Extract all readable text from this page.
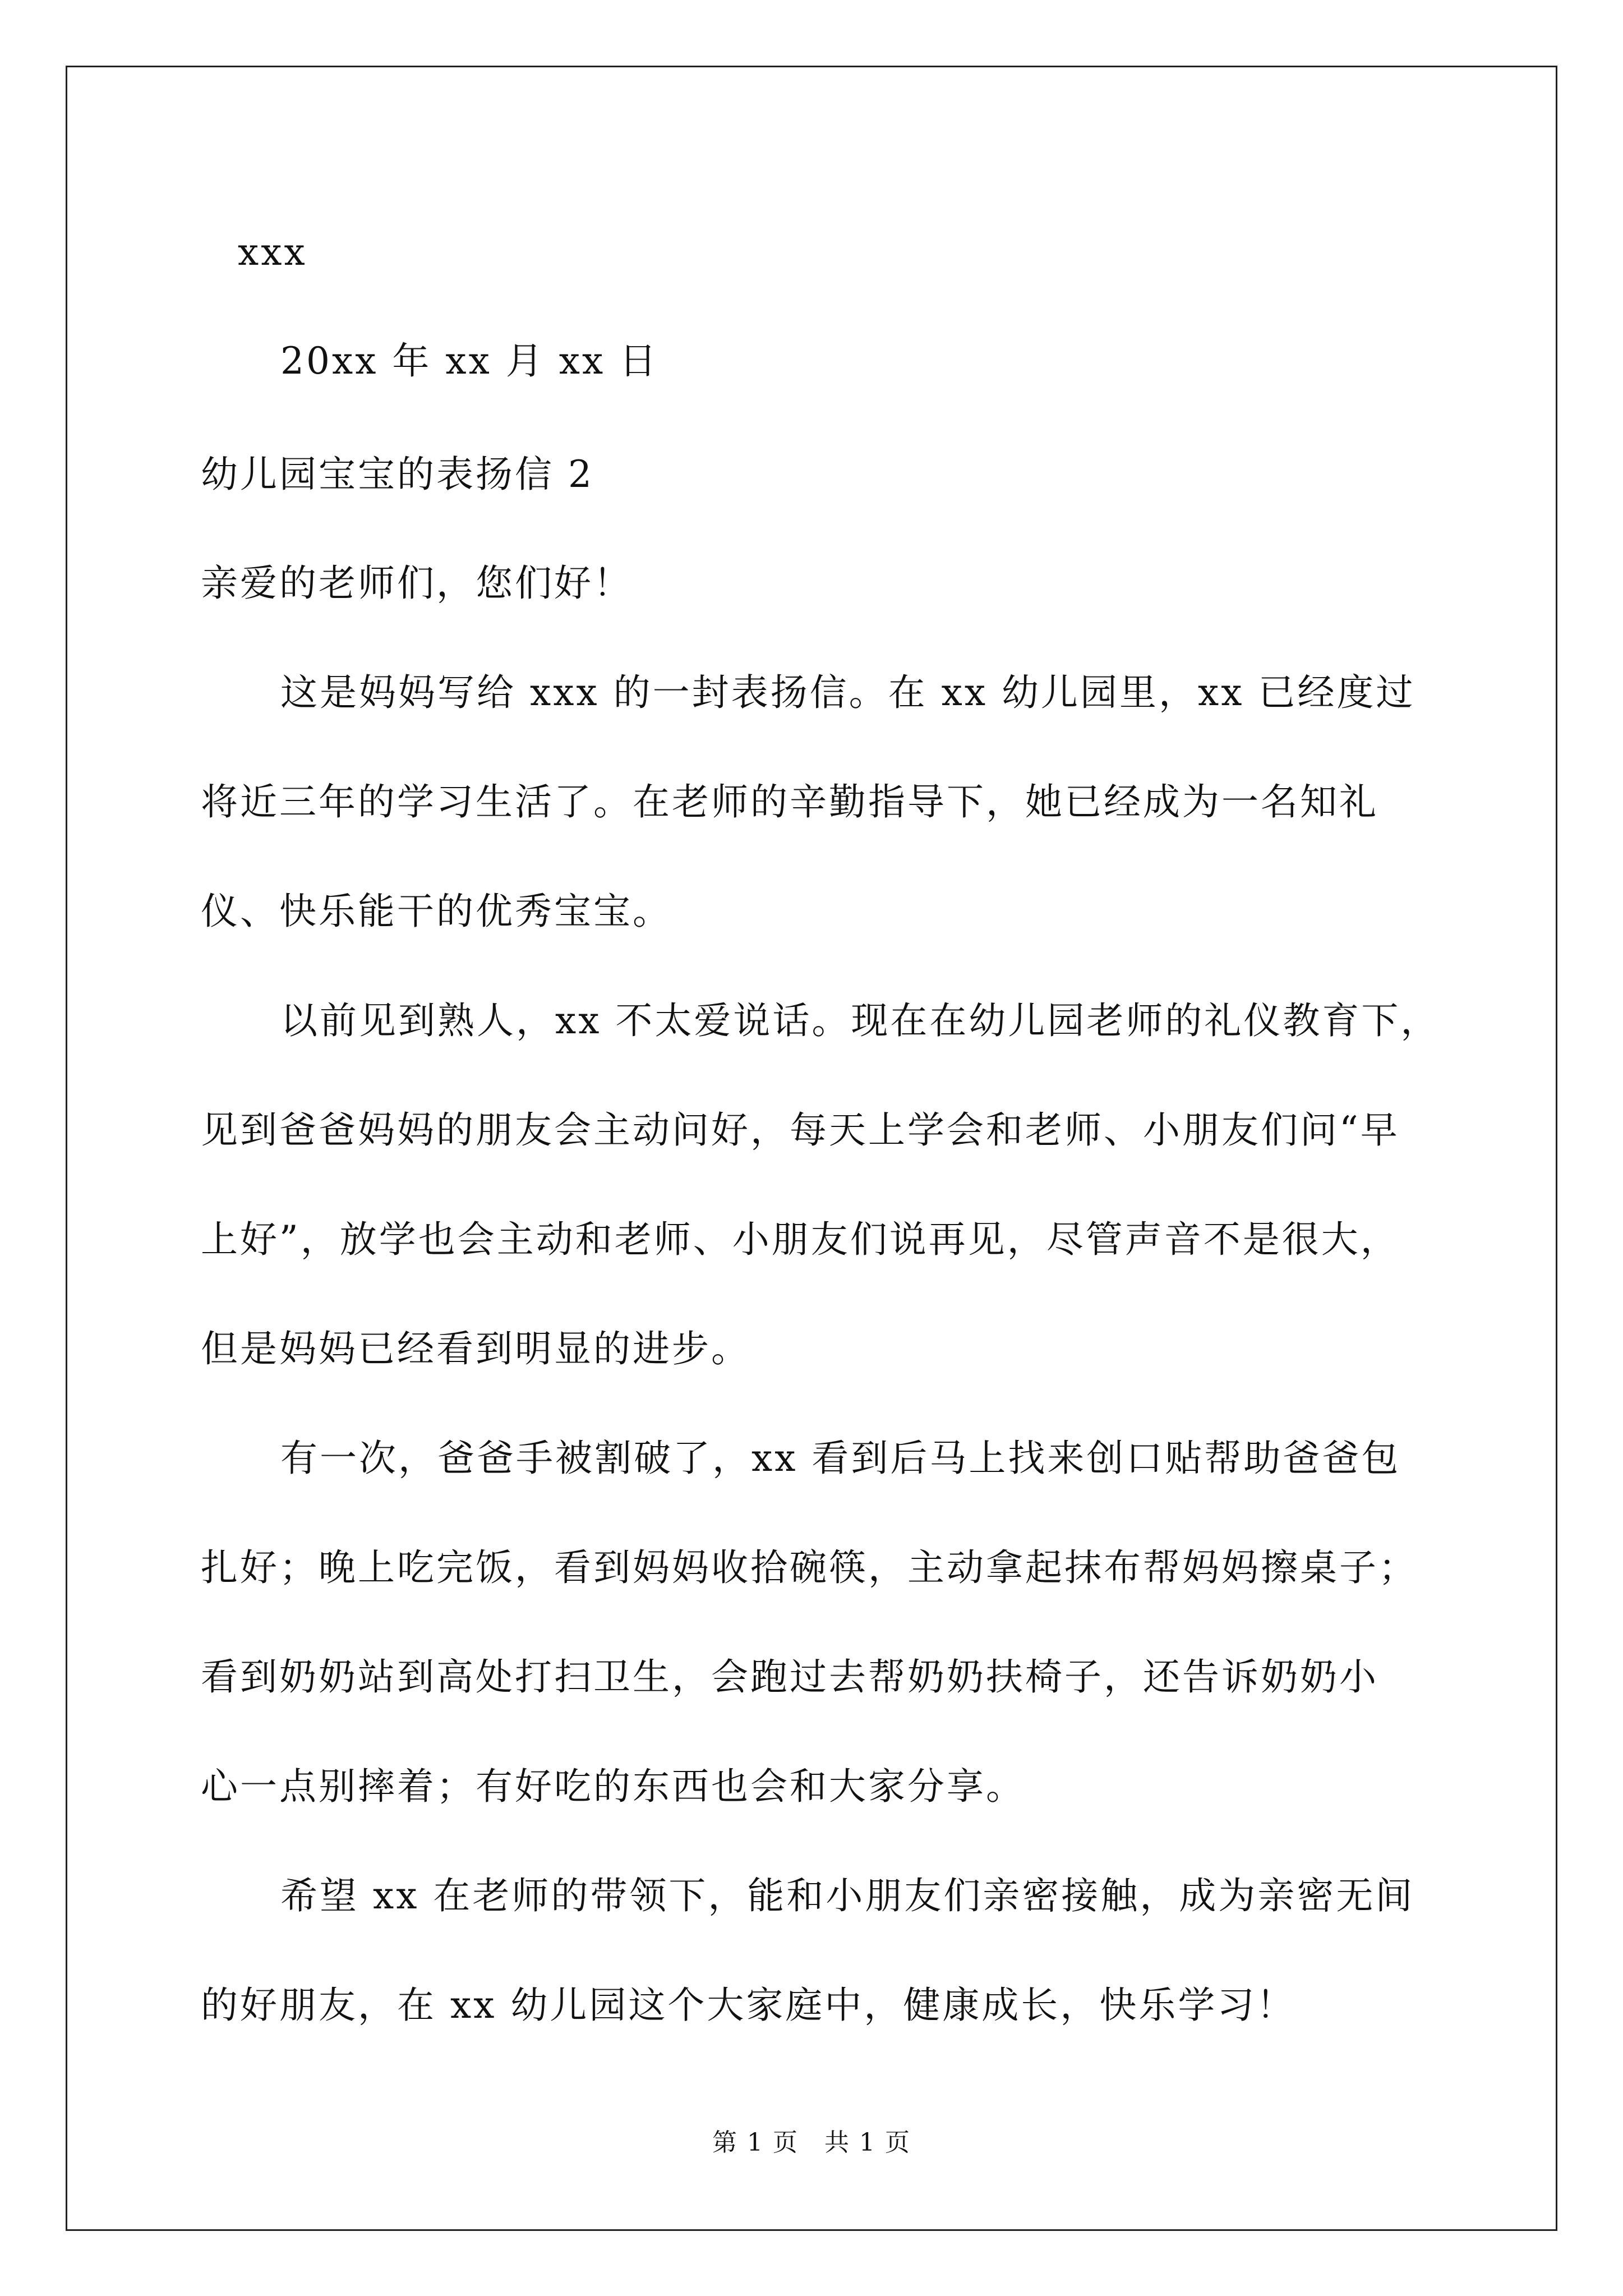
xxx
20xx 年 xx 月 xx 日
幼儿园宝宝的表扬信 2
亲爱的老师们，您们好！
这是妈妈写给 xxx 的一封表扬信。在 xx 幼儿园里，xx 已经度过
将近三年的学习生活了。在老师的辛勤指导下，她已经成为一名知礼
仪、快乐能干的优秀宝宝。
以前见到熟人，xx 不太爱说话。现在在幼儿园老师的礼仪教育下，
见到爸爸妈妈的朋友会主动问好，每天上学会和老师、小朋友们问“早
上好”，放学也会主动和老师、小朋友们说再见，尽管声音不是很大，
但是妈妈已经看到明显的进步。
有一次，爸爸手被割破了，xx 看到后马上找来创口贴帮助爸爸包
扎好；晚上吃完饭，看到妈妈收拾碗筷，主动拿起抹布帮妈妈擦桌子；
看到奶奶站到高处打扫卫生，会跑过去帮奶奶扶椅子，还告诉奶奶小
心一点别摔着；有好吃的东西也会和大家分享。
希望 xx 在老师的带领下，能和小朋友们亲密接触，成为亲密无间
的好朋友，在 xx 幼儿园这个大家庭中，健康成长，快乐学习！
第 1 页　共 1 页
